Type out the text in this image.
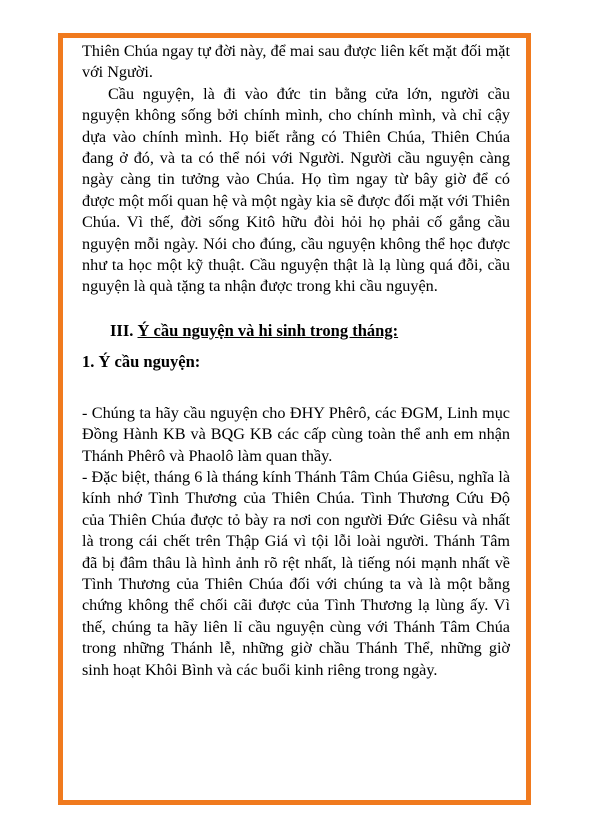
Thiên Chúa ngay tự đời này, để mai sau được liên kết mặt đối mặt với Người.

Cầu nguyện, là đi vào đức tin bằng cửa lớn, người cầu nguyện không sống bởi chính mình, cho chính mình, và chỉ cậy dựa vào chính mình. Họ biết rằng có Thiên Chúa, Thiên Chúa đang ở đó, và ta có thể nói với Người. Người cầu nguyện càng ngày càng tin tưởng vào Chúa. Họ tìm ngay từ bây giờ để có được một mối quan hệ và một ngày kia sẽ được đối mặt với Thiên Chúa. Vì thế, đời sống Kitô hữu đòi hỏi họ phải cố gắng cầu nguyện mỗi ngày. Nói cho đúng, cầu nguyện không thể học được như ta học một kỹ thuật. Cầu nguyện thật là lạ lùng quá đỗi, cầu nguyện là quà tặng ta nhận được trong khi cầu nguyện.

III. Ý cầu nguyện và hi sinh trong tháng:

1. Ý cầu nguyện:

- Chúng ta hãy cầu nguyện cho ĐHY Phêrô, các ĐGM, Linh mục Đồng Hành KB và BQG KB các cấp cùng toàn thể anh em nhận Thánh Phêrô và Phaolô làm quan thầy.

- Đặc biệt, tháng 6 là tháng kính Thánh Tâm Chúa Giêsu, nghĩa là kính nhớ Tình Thương của Thiên Chúa. Tình Thương Cứu Độ của Thiên Chúa được tỏ bày ra nơi con người Đức Giêsu và nhất là trong cái chết trên Thập Giá vì tội lỗi loài người. Thánh Tâm đã bị đâm thâu là hình ảnh rõ rệt nhất, là tiếng nói mạnh nhất về Tình Thương của Thiên Chúa đối với chúng ta và là một bằng chứng không thể chối cãi được của Tình Thương lạ lùng ấy. Vì thế, chúng ta hãy liên lỉ cầu nguyện cùng với Thánh Tâm Chúa trong những Thánh lễ, những giờ chầu Thánh Thể, những giờ sinh hoạt Khôi Bình và các buổi kinh riêng trong ngày.
